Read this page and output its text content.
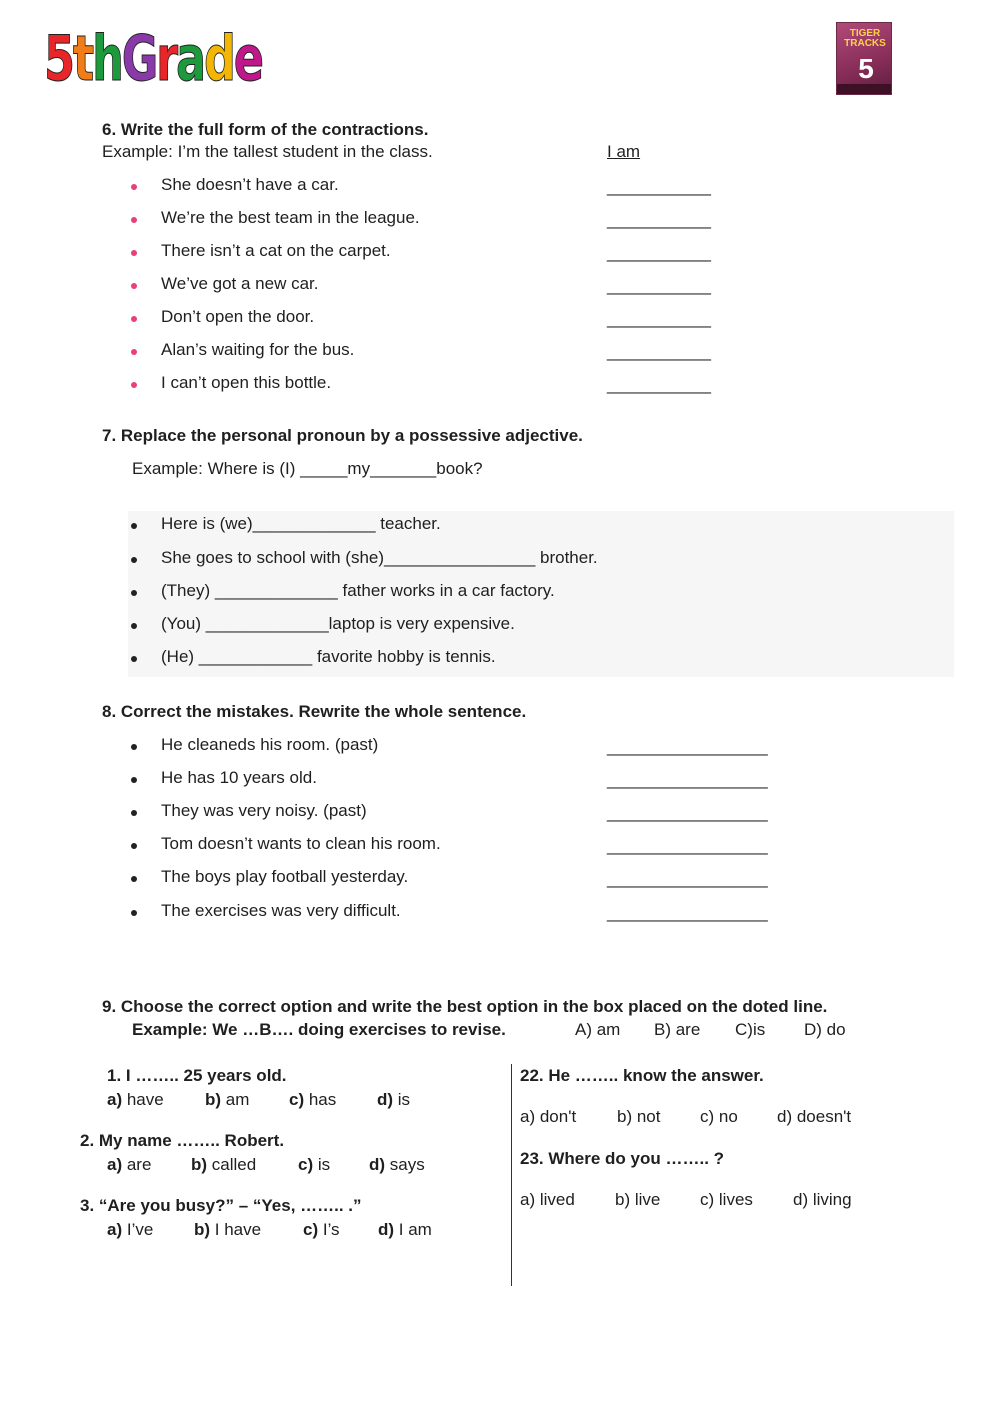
5thGrade	TIGER TRACKS
5
6. Write the full form of the contractions.
Example: I’m the tallest student in the class.	I am
She doesn’t have a car.	___________
We’re the best team in the league.	___________
There isn’t a cat on the carpet.	___________
We’ve got a new car.	___________
Don’t open the door.	___________
Alan’s waiting for the bus.	___________
I can’t open this bottle.	___________
7. Replace the personal pronoun by a possessive adjective.
Example: Where is (I) _____my_______book?
Here is (we)_____________ teacher.
She goes to school with (she)________________ brother.
(They) _____________ father works in a car factory.
(You) _____________laptop is very expensive.
(He) ____________ favorite hobby is tennis.
8. Correct the mistakes. Rewrite the whole sentence.
He cleaneds his room. (past)	_________________
He has 10 years old.	_________________
They was very noisy. (past)	_________________
Tom doesn’t wants to clean his room.	_________________
The boys play football yesterday.	_________________
The exercises was very difficult.	_________________
9. Choose the correct option and write the best option in the box placed on the doted line.
Example: We …B…. doing exercises to revise.	A) am B) are C)is D) do
1. I …….. 25 years old.
a) have b) am c) has d) is
2. My name …….. Robert.
a) are b) called c) is d) says
3. “Are you busy?” – “Yes, …….. .”
a) I’ve b) I have c) I’s d) I am
22. He …….. know the answer.
a) don't b) not c) no d) doesn't
23. Where do you …….. ?
a) lived b) live c) lives d) living
